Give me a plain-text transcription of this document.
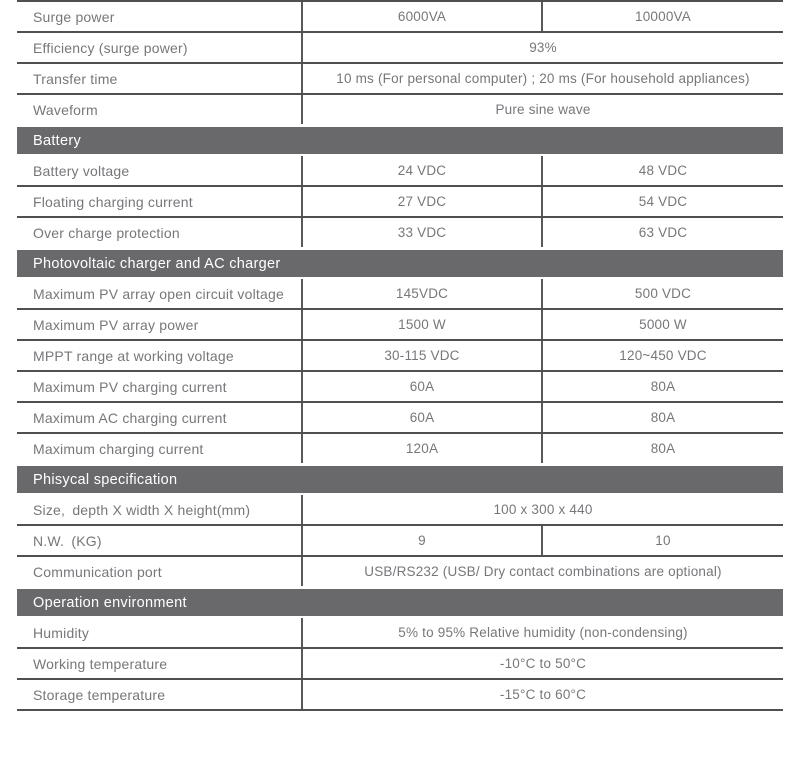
Surge power	6000VA	10000VA
Efficiency (surge power)	93%
Transfer time	10 ms (For personal computer) ; 20 ms (For household appliances)
Waveform	Pure sine wave
Battery
Battery voltage	24 VDC	48 VDC
Floating charging current	27 VDC	54 VDC
Over charge protection	33 VDC	63 VDC
Photovoltaic charger and AC charger
Maximum PV array open circuit voltage	145VDC	500 VDC
Maximum PV array power	1500 W	5000 W
MPPT range at working voltage	30-115 VDC	120~450 VDC
Maximum PV charging current	60A	80A
Maximum AC charging current	60A	80A
Maximum charging current	120A	80A
Phisycal specification
Size, depth X width X height(mm)	100 x 300 x 440
N.W. (KG)	9	10
Communication port	USB/RS232 (USB/ Dry contact combinations are optional)
Operation environment
Humidity	5% to 95% Relative humidity (non-condensing)
Working temperature	-10°C to 50°C
Storage temperature	-15°C to 60°C
